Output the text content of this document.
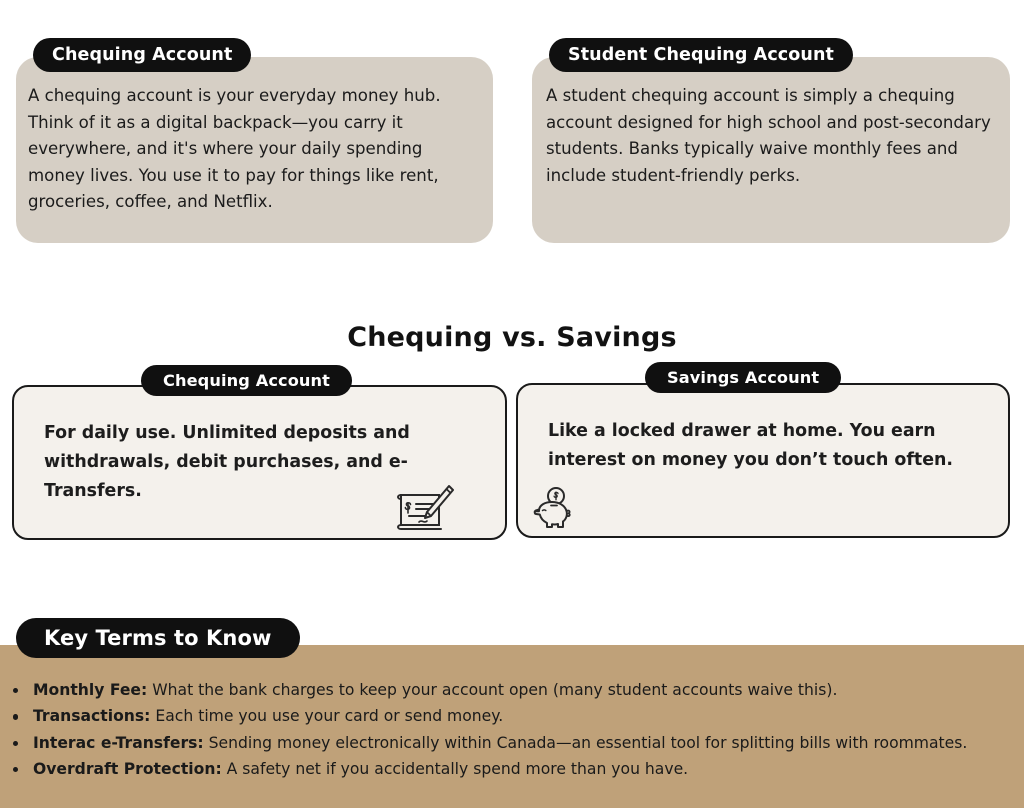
A chequing account is your everyday money hub. Think of it as a digital backpack—you carry it everywhere, and it's where your daily spending money lives. You use it to pay for things like rent, groceries, coffee, and Netflix.
Chequing Account
A student chequing account is simply a chequing account designed for high school and post-secondary students. Banks typically waive monthly fees and include student-friendly perks.
Student Chequing Account
Chequing vs. Savings
For daily use. Unlimited deposits and withdrawals, debit purchases, and e-Transfers.
Chequing Account
Like a locked drawer at home. You earn interest on money you don’t touch often.
Savings Account
Monthly Fee: What the bank charges to keep your account open (many student accounts waive this).
Transactions: Each time you use your card or send money.
Interac e-Transfers: Sending money electronically within Canada—an essential tool for splitting bills with roommates.
Overdraft Protection: A safety net if you accidentally spend more than you have.
Key Terms to Know
